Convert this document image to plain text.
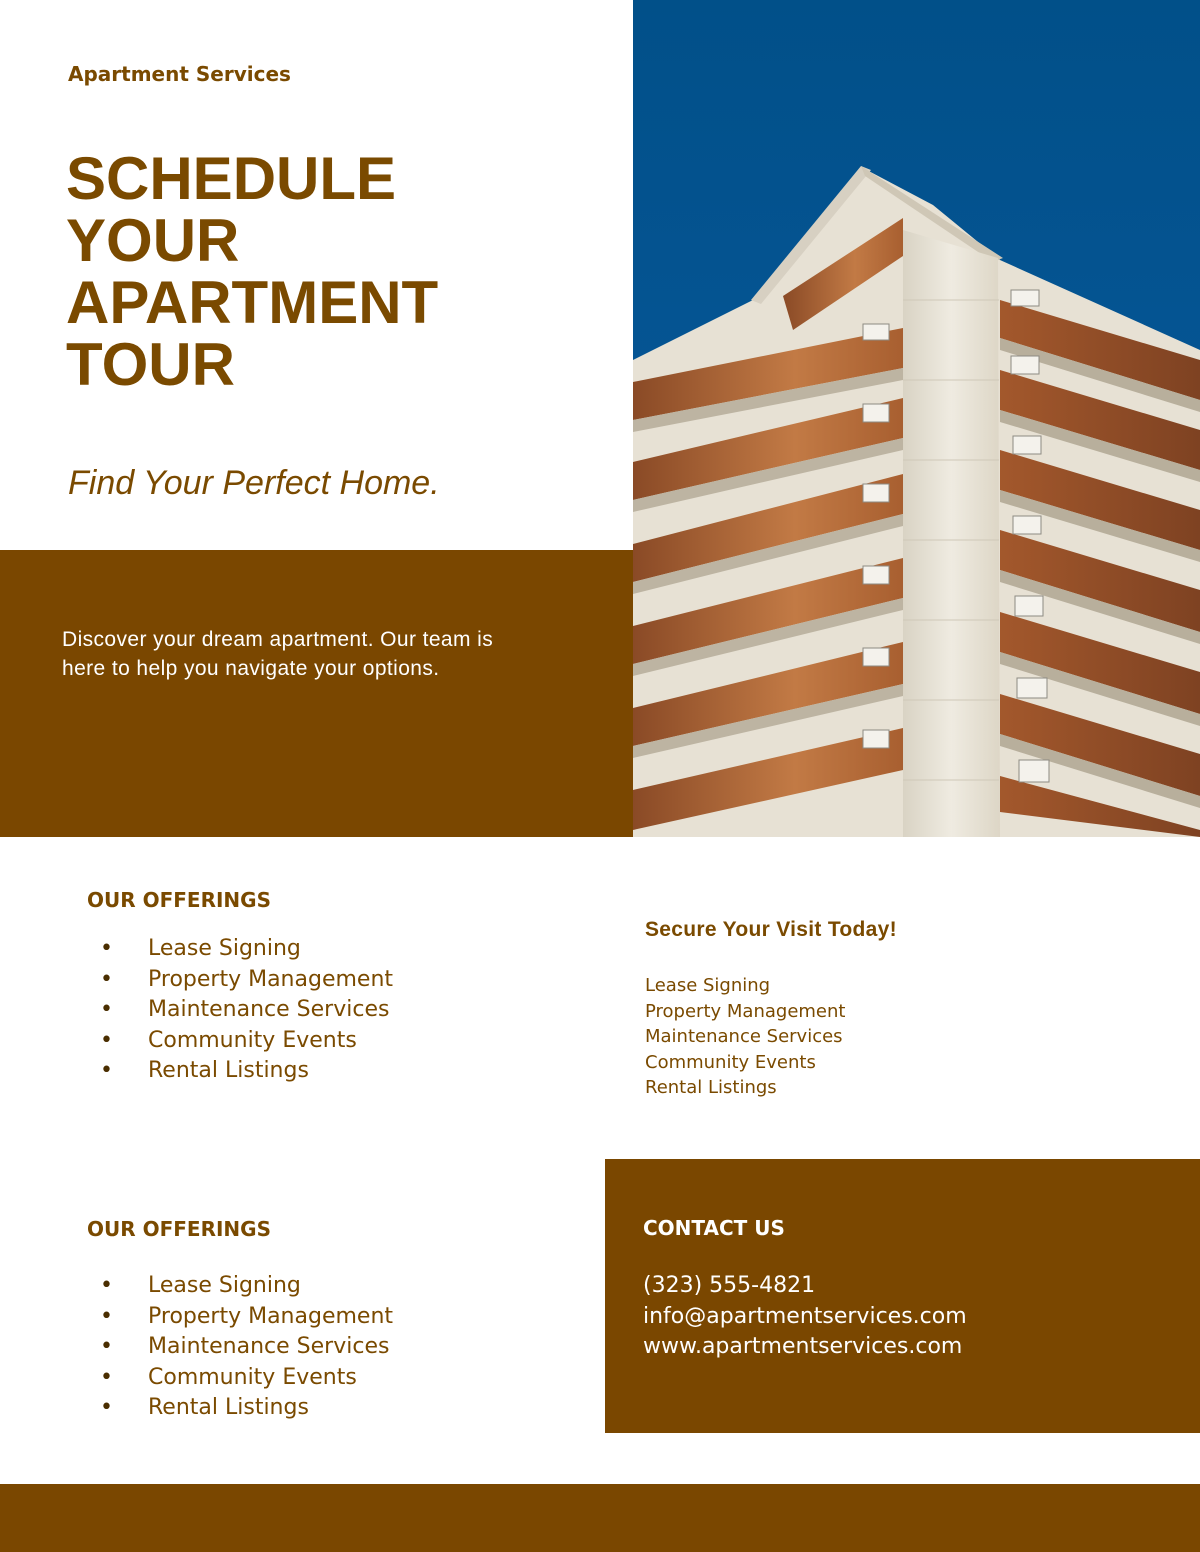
Apartment Services
SCHEDULE
YOUR
APARTMENT
TOUR
Find Your Perfect Home.
Discover your dream apartment. Our team is
here to help you navigate your options.
OUR OFFERINGS
• Lease Signing
• Property Management
• Maintenance Services
• Community Events
• Rental Listings
Secure Your Visit Today!
Lease Signing
Property Management
Maintenance Services
Community Events
Rental Listings
OUR OFFERINGS
• Lease Signing
• Property Management
• Maintenance Services
• Community Events
• Rental Listings
CONTACT US
(323) 555-4821
info@apartmentservices.com
www.apartmentservices.com
